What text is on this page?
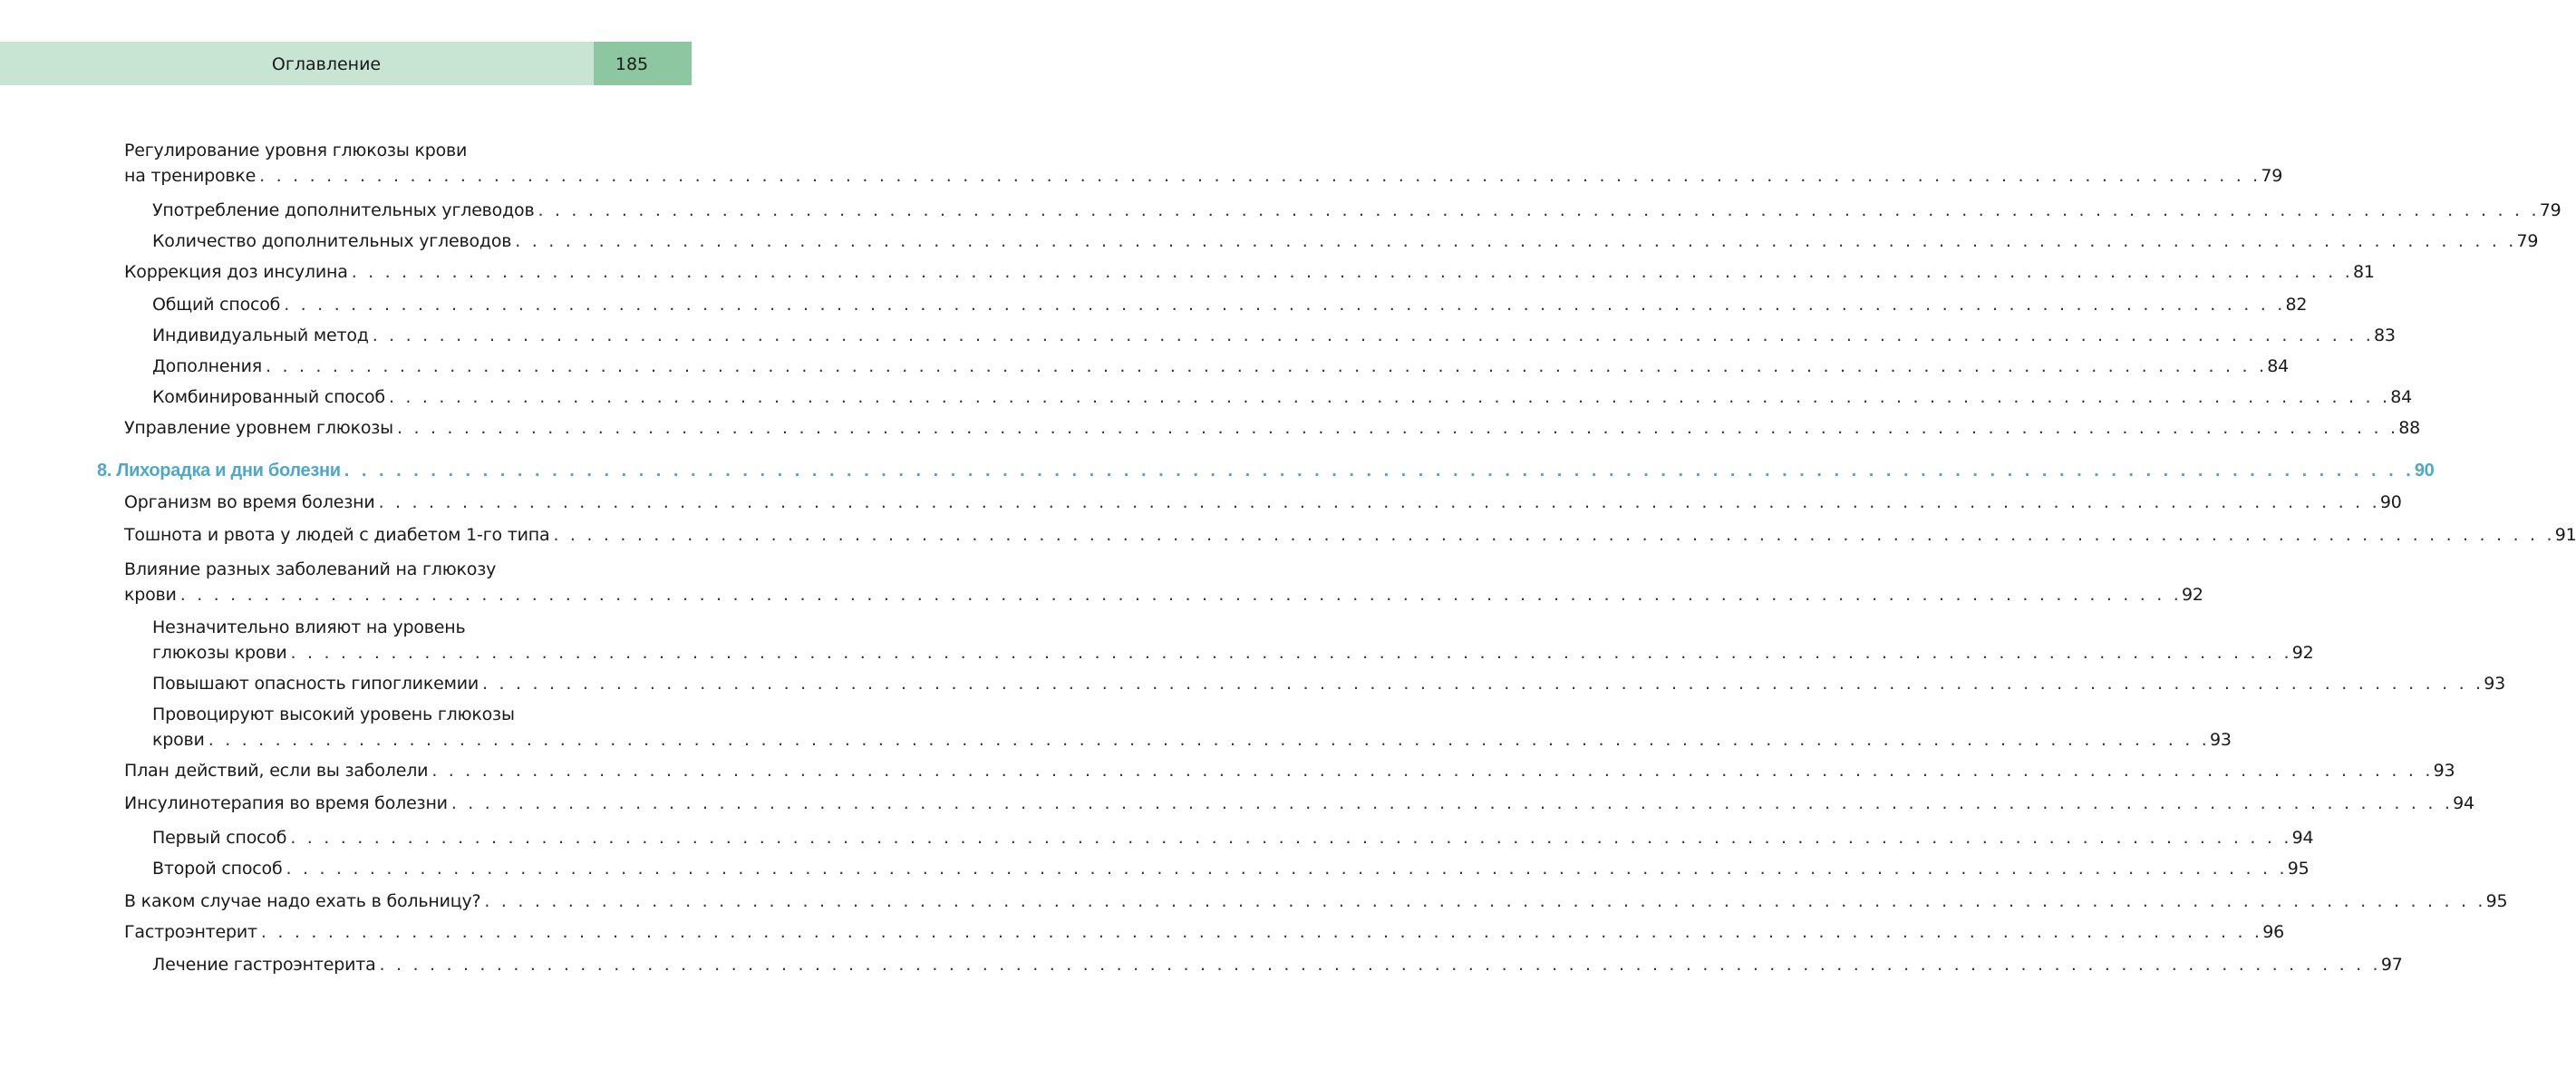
Оглавление	185
Регулирование уровня глюкозы крови
на тренировке . . . . . . . . . . . . . . . . . . . . . . . . . . . . . . . . . . . . . . . . . . . . . . . . . . . . . . . . . . . . . . . . . . . . . . . . . . . . . . . . . . . . . . . . . . . . . . . . . . . . . . . . . . . . . . . . . . . . . . . . 79
Употребление дополнительных углеводов . . . . . . . . . . . . . . . . . . . . . . . . . . . . . . . . . . . . . . . . . . . . . . . . . . . . . . . . . . . . . . . . . . . . . . . . . . . . . . . . . . . . . . . . . . . . . . . . . . . . . . . . . . . . . . . . . . . . . . . . 79
Количество дополнительных углеводов . . . . . . . . . . . . . . . . . . . . . . . . . . . . . . . . . . . . . . . . . . . . . . . . . . . . . . . . . . . . . . . . . . . . . . . . . . . . . . . . . . . . . . . . . . . . . . . . . . . . . . . . . . . . . . . . . . . . . . . . 79
Коррекция доз инсулина . . . . . . . . . . . . . . . . . . . . . . . . . . . . . . . . . . . . . . . . . . . . . . . . . . . . . . . . . . . . . . . . . . . . . . . . . . . . . . . . . . . . . . . . . . . . . . . . . . . . . . . . . . . . . . . . . . . . . . . . 81
Общий способ . . . . . . . . . . . . . . . . . . . . . . . . . . . . . . . . . . . . . . . . . . . . . . . . . . . . . . . . . . . . . . . . . . . . . . . . . . . . . . . . . . . . . . . . . . . . . . . . . . . . . . . . . . . . . . . . . . . . . . . . 82
Индивидуальный метод . . . . . . . . . . . . . . . . . . . . . . . . . . . . . . . . . . . . . . . . . . . . . . . . . . . . . . . . . . . . . . . . . . . . . . . . . . . . . . . . . . . . . . . . . . . . . . . . . . . . . . . . . . . . . . . . . . . . . . . . 83
Дополнения . . . . . . . . . . . . . . . . . . . . . . . . . . . . . . . . . . . . . . . . . . . . . . . . . . . . . . . . . . . . . . . . . . . . . . . . . . . . . . . . . . . . . . . . . . . . . . . . . . . . . . . . . . . . . . . . . . . . . . . . 84
Комбинированный способ . . . . . . . . . . . . . . . . . . . . . . . . . . . . . . . . . . . . . . . . . . . . . . . . . . . . . . . . . . . . . . . . . . . . . . . . . . . . . . . . . . . . . . . . . . . . . . . . . . . . . . . . . . . . . . . . . . . . . . . . 84
Управление уровнем глюкозы . . . . . . . . . . . . . . . . . . . . . . . . . . . . . . . . . . . . . . . . . . . . . . . . . . . . . . . . . . . . . . . . . . . . . . . . . . . . . . . . . . . . . . . . . . . . . . . . . . . . . . . . . . . . . . . . . . . . . . . . 88
8. Лихорадка и дни болезни . . . . . . . . . . . . . . . . . . . . . . . . . . . . . . . . . . . . . . . . . . . . . . . . . . . . . . . . . . . . . . . . . . . . . . . . . . . . . . . . . . . . . . . . . . . . . . . . . . . . . . . . . . . . . . . . . . . . . . . . 90
Организм во время болезни . . . . . . . . . . . . . . . . . . . . . . . . . . . . . . . . . . . . . . . . . . . . . . . . . . . . . . . . . . . . . . . . . . . . . . . . . . . . . . . . . . . . . . . . . . . . . . . . . . . . . . . . . . . . . . . . . . . . . . . . 90
Тошнота и рвота у людей с диабетом 1-го типа . . . . . . . . . . . . . . . . . . . . . . . . . . . . . . . . . . . . . . . . . . . . . . . . . . . . . . . . . . . . . . . . . . . . . . . . . . . . . . . . . . . . . . . . . . . . . . . . . . . . . . . . . . . . . . . . . . . . . . . . 91
Влияние разных заболеваний на глюкозу
крови . . . . . . . . . . . . . . . . . . . . . . . . . . . . . . . . . . . . . . . . . . . . . . . . . . . . . . . . . . . . . . . . . . . . . . . . . . . . . . . . . . . . . . . . . . . . . . . . . . . . . . . . . . . . . . . . . . . . . . . . 92
Незначительно влияют на уровень
глюкозы крови . . . . . . . . . . . . . . . . . . . . . . . . . . . . . . . . . . . . . . . . . . . . . . . . . . . . . . . . . . . . . . . . . . . . . . . . . . . . . . . . . . . . . . . . . . . . . . . . . . . . . . . . . . . . . . . . . . . . . . . . 92
Повышают опасность гипогликемии . . . . . . . . . . . . . . . . . . . . . . . . . . . . . . . . . . . . . . . . . . . . . . . . . . . . . . . . . . . . . . . . . . . . . . . . . . . . . . . . . . . . . . . . . . . . . . . . . . . . . . . . . . . . . . . . . . . . . . . . 93
Провоцируют высокий уровень глюкозы
крови . . . . . . . . . . . . . . . . . . . . . . . . . . . . . . . . . . . . . . . . . . . . . . . . . . . . . . . . . . . . . . . . . . . . . . . . . . . . . . . . . . . . . . . . . . . . . . . . . . . . . . . . . . . . . . . . . . . . . . . . 93
План действий, если вы заболели . . . . . . . . . . . . . . . . . . . . . . . . . . . . . . . . . . . . . . . . . . . . . . . . . . . . . . . . . . . . . . . . . . . . . . . . . . . . . . . . . . . . . . . . . . . . . . . . . . . . . . . . . . . . . . . . . . . . . . . . 93
Инсулинотерапия во время болезни . . . . . . . . . . . . . . . . . . . . . . . . . . . . . . . . . . . . . . . . . . . . . . . . . . . . . . . . . . . . . . . . . . . . . . . . . . . . . . . . . . . . . . . . . . . . . . . . . . . . . . . . . . . . . . . . . . . . . . . . 94
Первый способ . . . . . . . . . . . . . . . . . . . . . . . . . . . . . . . . . . . . . . . . . . . . . . . . . . . . . . . . . . . . . . . . . . . . . . . . . . . . . . . . . . . . . . . . . . . . . . . . . . . . . . . . . . . . . . . . . . . . . . . . 94
Второй способ . . . . . . . . . . . . . . . . . . . . . . . . . . . . . . . . . . . . . . . . . . . . . . . . . . . . . . . . . . . . . . . . . . . . . . . . . . . . . . . . . . . . . . . . . . . . . . . . . . . . . . . . . . . . . . . . . . . . . . . . 95
В каком случае надо ехать в больницу? . . . . . . . . . . . . . . . . . . . . . . . . . . . . . . . . . . . . . . . . . . . . . . . . . . . . . . . . . . . . . . . . . . . . . . . . . . . . . . . . . . . . . . . . . . . . . . . . . . . . . . . . . . . . . . . . . . . . . . . . 95
Гастроэнтерит . . . . . . . . . . . . . . . . . . . . . . . . . . . . . . . . . . . . . . . . . . . . . . . . . . . . . . . . . . . . . . . . . . . . . . . . . . . . . . . . . . . . . . . . . . . . . . . . . . . . . . . . . . . . . . . . . . . . . . . . 96
Лечение гастроэнтерита . . . . . . . . . . . . . . . . . . . . . . . . . . . . . . . . . . . . . . . . . . . . . . . . . . . . . . . . . . . . . . . . . . . . . . . . . . . . . . . . . . . . . . . . . . . . . . . . . . . . . . . . . . . . . . . . . . . . . . . . 97
